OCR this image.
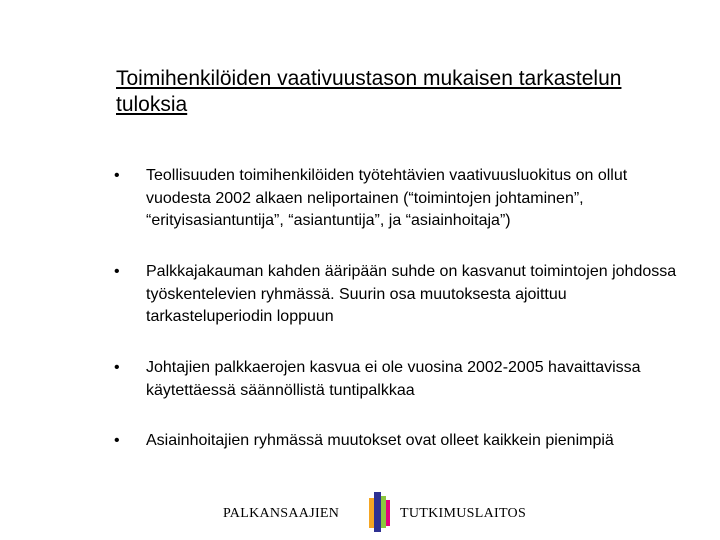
Toimihenkilöiden vaativuustason mukaisen tarkastelun tuloksia
•	Teollisuuden toimihenkilöiden työtehtävien vaativuusluokitus on ollut vuodesta 2002 alkaen neliportainen (“toimintojen johtaminen”, “erityisasiantuntija”, “asiantuntija”, ja “asiainhoitaja”)
•	Palkkajakauman kahden ääripään suhde on kasvanut toimintojen johdossa työskentelevien ryhmässä. Suurin osa muutoksesta ajoittuu tarkasteluperiodin loppuun
•	Johtajien palkkaerojen kasvua ei ole vuosina 2002-2005 havaittavissa käytettäessä säännöllistä tuntipalkkaa
•	Asiainhoitajien ryhmässä muutokset ovat olleet kaikkein pienimpiä
PALKANSAAJIEN	TUTKIMUSLAITOS
